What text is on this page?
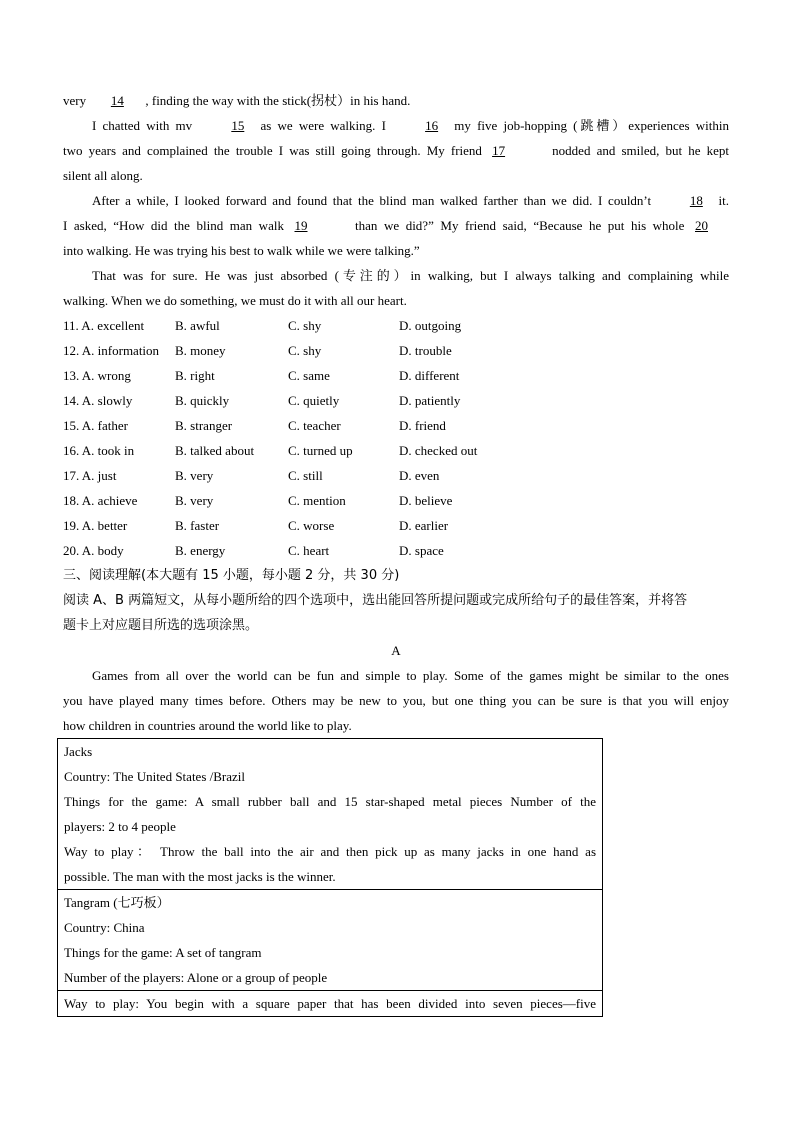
very 14 , finding the way with the stick(拐杖）in his hand.
I chatted with mv	15 as we were walking. I	16 my five job-hopping (跳槽）experiences within
two years and complained the trouble I was still going through. My friend 17	nodded and smiled, but he kept
silent all along.
After a while, I looked forward and found that the blind man walked farther than we did. I couldn’t	18 it.
I asked, “How did the blind man walk 19	than we did?” My friend said, “Because he put his whole 20
into walking. He was trying his best to walk while we were talking.”
That was for sure. He was just absorbed (专注的）in walking, but I always talking and complaining while
walking. When we do something, we must do it with all our heart.
11. A. excellent B. awful	C. shy	D. outgoing
12. A. information B. money	C. shy	D. trouble
13. A. wrong	B. right	C. same	D. different
14. A. slowly	B. quickly	C. quietly	D. patiently
15. A. father	B. stranger	C. teacher	D. friend
16. A. took in	B. talked about	C. turned up	D. checked out
17. A. just	B. very	C. still	D. even
18. A. achieve	B. very	C. mention	D. believe
19. A. better	B. faster	C. worse	D. earlier
20. A. body	B. energy	C. heart	D. space
三、阅读理解(本大题有 15 小题，每小题 2 分，共 30 分)
阅读 A、B 两篇短文，从每小题所给的四个选项中，选出能回答所提问题或完成所给句子的最佳答案，并将答
题卡上对应题目所选的选项涂黑。
A
Games from all over the world can be fun and simple to play. Some of the games might be similar to the ones
you have played many times before. Others may be new to you, but one thing you can be sure is that you will enjoy
how children in countries around the world like to play.
Jacks
Country: The United States /Brazil
Things for the game: A small rubber ball and 15 star-shaped metal pieces Number of the
players: 2 to 4 people
Way to play： Throw the ball into the air and then pick up as many jacks in one hand as
possible. The man with the most jacks is the winner.

Tangram (七巧板）
Country: China
Things for the game: A set of tangram
Number of the players: Alone or a group of people

Way to play: You begin with a square paper that has been divided into seven pieces—five
